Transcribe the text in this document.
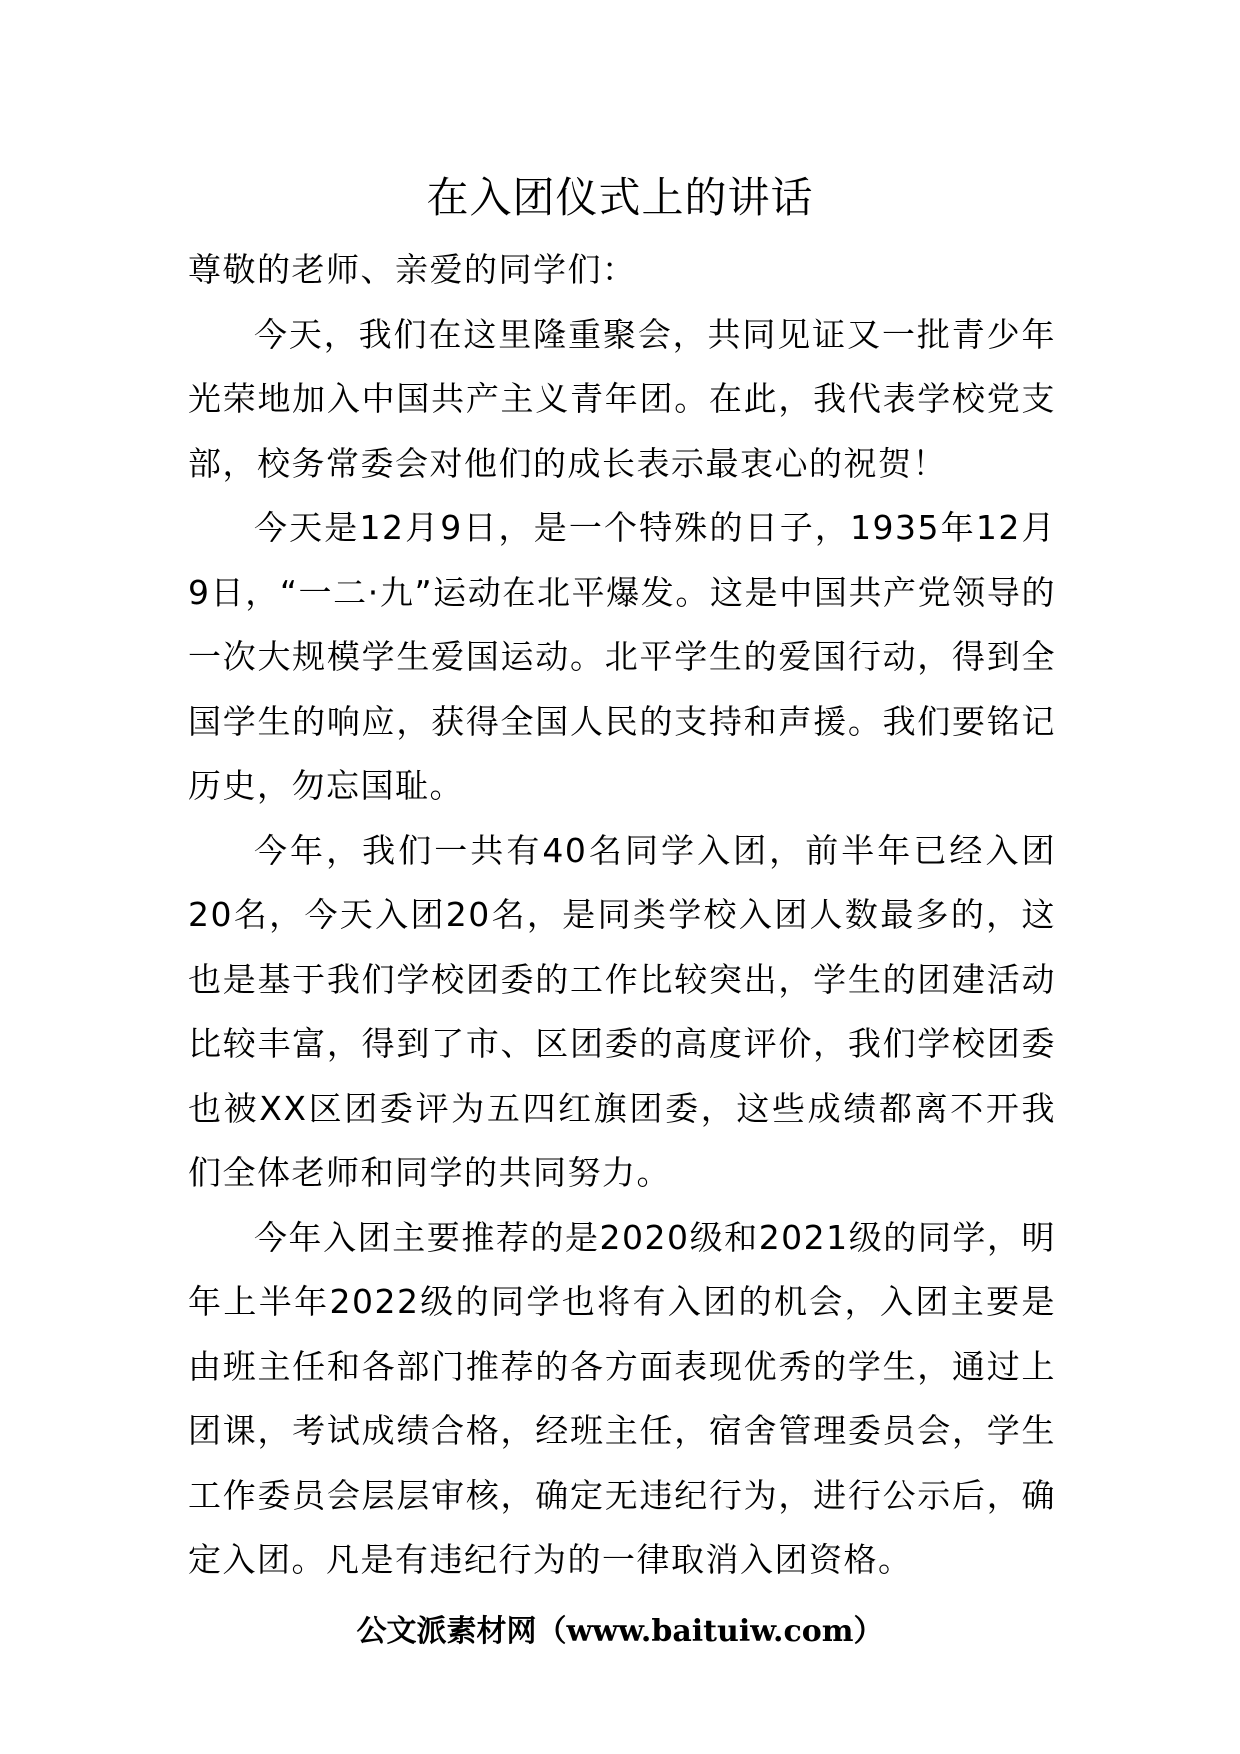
在入团仪式上的讲话

尊敬的老师、亲爱的同学们：

今天，我们在这里隆重聚会，共同见证又一批青少年光荣地加入中国共产主义青年团。在此，我代表学校党支部，校务常委会对他们的成长表示最衷心的祝贺！

今天是12月9日，是一个特殊的日子，1935年12月9日，“一二·九”运动在北平爆发。这是中国共产党领导的一次大规模学生爱国运动。北平学生的爱国行动，得到全国学生的响应，获得全国人民的支持和声援。我们要铭记历史，勿忘国耻。

今年，我们一共有40名同学入团，前半年已经入团20名，今天入团20名，是同类学校入团人数最多的，这也是基于我们学校团委的工作比较突出，学生的团建活动比较丰富，得到了市、区团委的高度评价，我们学校团委也被XX区团委评为五四红旗团委，这些成绩都离不开我们全体老师和同学的共同努力。

今年入团主要推荐的是2020级和2021级的同学，明年上半年2022级的同学也将有入团的机会，入团主要是由班主任和各部门推荐的各方面表现优秀的学生，通过上团课，考试成绩合格，经班主任，宿舍管理委员会，学生工作委员会层层审核，确定无违纪行为，进行公示后，确定入团。凡是有违纪行为的一律取消入团资格。

公文派素材网（www.baituiw.com）
